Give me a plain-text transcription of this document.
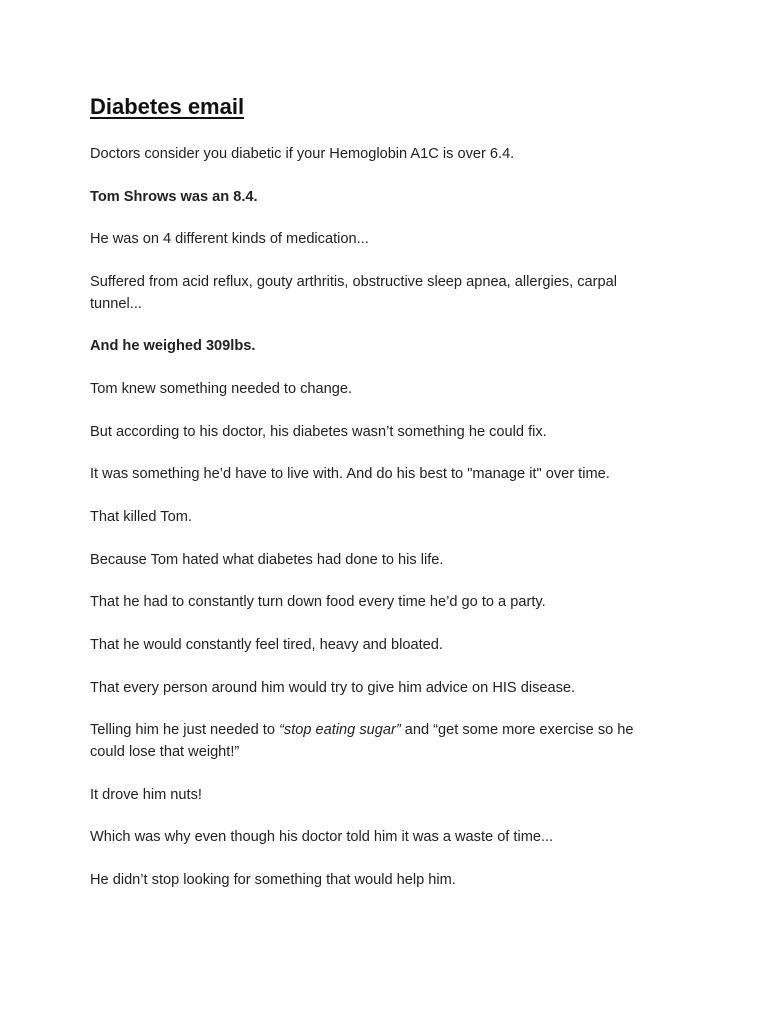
Diabetes email

Doctors consider you diabetic if your Hemoglobin A1C is over 6.4.

Tom Shrows was an 8.4.

He was on 4 different kinds of medication...

Suffered from acid reflux, gouty arthritis, obstructive sleep apnea, allergies, carpal tunnel...

And he weighed 309lbs.

Tom knew something needed to change.

But according to his doctor, his diabetes wasn’t something he could fix.

It was something he’d have to live with. And do his best to "manage it" over time.

That killed Tom.

Because Tom hated what diabetes had done to his life.

That he had to constantly turn down food every time he’d go to a party.

That he would constantly feel tired, heavy and bloated.

That every person around him would try to give him advice on HIS disease.

Telling him he just needed to “stop eating sugar” and “get some more exercise so he could lose that weight!”

It drove him nuts!

Which was why even though his doctor told him it was a waste of time...

He didn’t stop looking for something that would help him.
